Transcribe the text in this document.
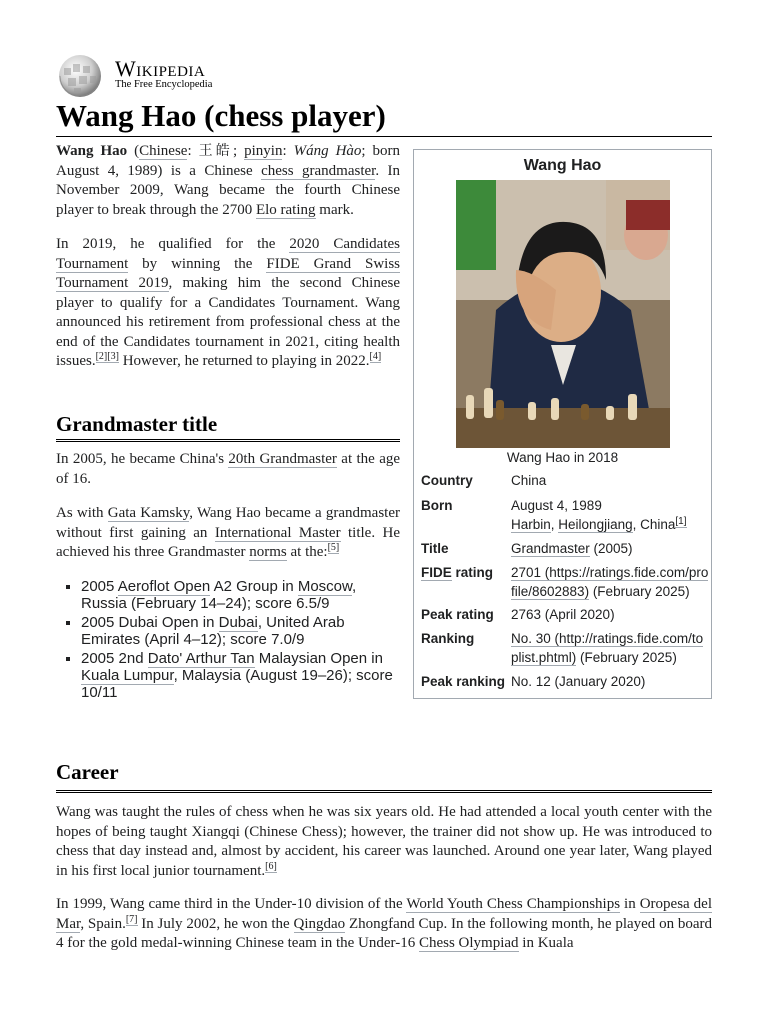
Wikipedia
The Free Encyclopedia
Wang Hao (chess player)

Wang Hao (Chinese: 王皓; pinyin: Wáng Hào; born August 4, 1989) is a Chinese chess grandmaster. In November 2009, Wang became the fourth Chinese player to break through the 2700 Elo rating mark.

In 2019, he qualified for the 2020 Candidates Tournament by winning the FIDE Grand Swiss Tournament 2019, making him the second Chinese player to qualify for a Candidates Tournament. Wang announced his retirement from professional chess at the end of the Candidates tournament in 2021, citing health issues.[2][3] However, he returned to playing in 2022.[4]

Grandmaster title

In 2005, he became China's 20th Grandmaster at the age of 16.

As with Gata Kamsky, Wang Hao became a grandmaster without first gaining an International Master title. He achieved his three Grandmaster norms at the:[5]

▪ 2005 Aeroflot Open A2 Group in Moscow, Russia (February 14–24); score 6.5/9
▪ 2005 Dubai Open in Dubai, United Arab Emirates (April 4–12); score 7.0/9
▪ 2005 2nd Dato' Arthur Tan Malaysian Open in Kuala Lumpur, Malaysia (August 19–26); score 10/11
Wang Hao
Wang Hao in 2018
Country	China
Born	August 4, 1989
Harbin, Heilongjiang, China[1]
Title	Grandmaster (2005)
FIDE rating	2701 (https://ratings.fide.com/profile/8602883) (February 2025)
Peak rating	2763 (April 2020)
Ranking	No. 30 (http://ratings.fide.com/toplist.phtml) (February 2025)
Peak ranking No. 12 (January 2020)
Career

Wang was taught the rules of chess when he was six years old. He had attended a local youth center with the hopes of being taught Xiangqi (Chinese Chess); however, the trainer did not show up. He was introduced to chess that day instead and, almost by accident, his career was launched. Around one year later, Wang played in his first local junior tournament.[6]

In 1999, Wang came third in the Under-10 division of the World Youth Chess Championships in Oropesa del Mar, Spain.[7] In July 2002, he won the Qingdao Zhongfand Cup. In the following month, he played on board 4 for the gold medal-winning Chinese team in the Under-16 Chess Olympiad in Kuala
